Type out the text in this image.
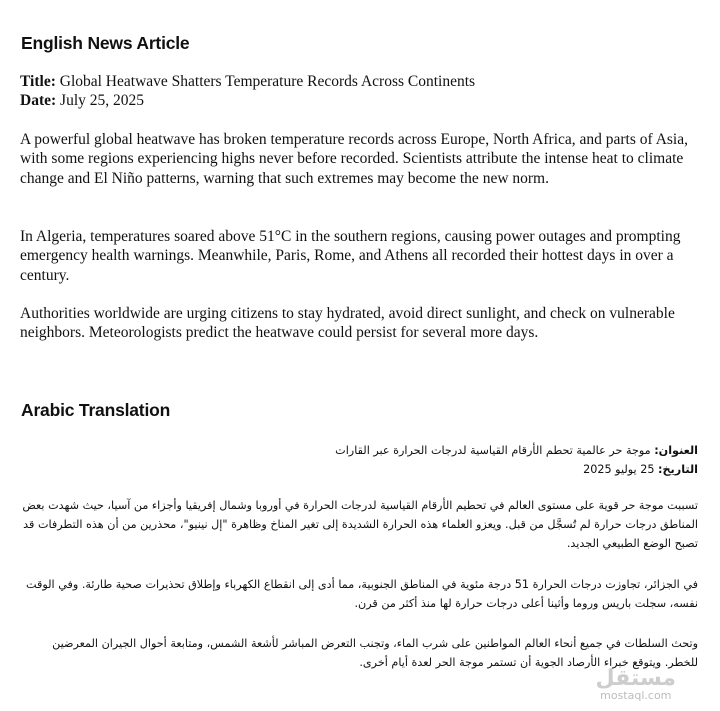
English News Article
Title: Global Heatwave Shatters Temperature Records Across Continents
Date: July 25, 2025

A powerful global heatwave has broken temperature records across Europe, North Africa, and parts of Asia, with some regions experiencing highs never before recorded. Scientists attribute the intense heat to climate change and El Niño patterns, warning that such extremes may become the new norm.

In Algeria, temperatures soared above 51°C in the southern regions, causing power outages and prompting emergency health warnings. Meanwhile, Paris, Rome, and Athens all recorded their hottest days in over a century.

Authorities worldwide are urging citizens to stay hydrated, avoid direct sunlight, and check on vulnerable neighbors. Meteorologists predict the heatwave could persist for several more days.

Arabic Translation
العنوان: موجة حر عالمية تحطم الأرقام القياسية لدرجات الحرارة عبر القارات
التاريخ: 25 يوليو 2025

تسببت موجة حر قوية على مستوى العالم في تحطيم الأرقام القياسية لدرجات الحرارة في أوروبا وشمال إفريقيا وأجزاء من آسيا، حيث شهدت بعض المناطق درجات حرارة لم تُسجَّل من قبل. ويعزو العلماء هذه الحرارة الشديدة إلى تغير المناخ وظاهرة "إل نينيو"، محذرين من أن هذه التطرفات قد تصبح الوضع الطبيعي الجديد.

في الجزائر، تجاوزت درجات الحرارة 51 درجة مئوية في المناطق الجنوبية، مما أدى إلى انقطاع الكهرباء وإطلاق تحذيرات صحية طارئة. وفي الوقت نفسه، سجلت باريس وروما وأثينا أعلى درجات حرارة لها منذ أكثر من قرن.

وتحث السلطات في جميع أنحاء العالم المواطنين على شرب الماء، وتجنب التعرض المباشر لأشعة الشمس، ومتابعة أحوال الجيران المعرضين للخطر. ويتوقع خبراء الأرصاد الجوية أن تستمر موجة الحر لعدة أيام أخرى.

مستقل
mostaql.com
